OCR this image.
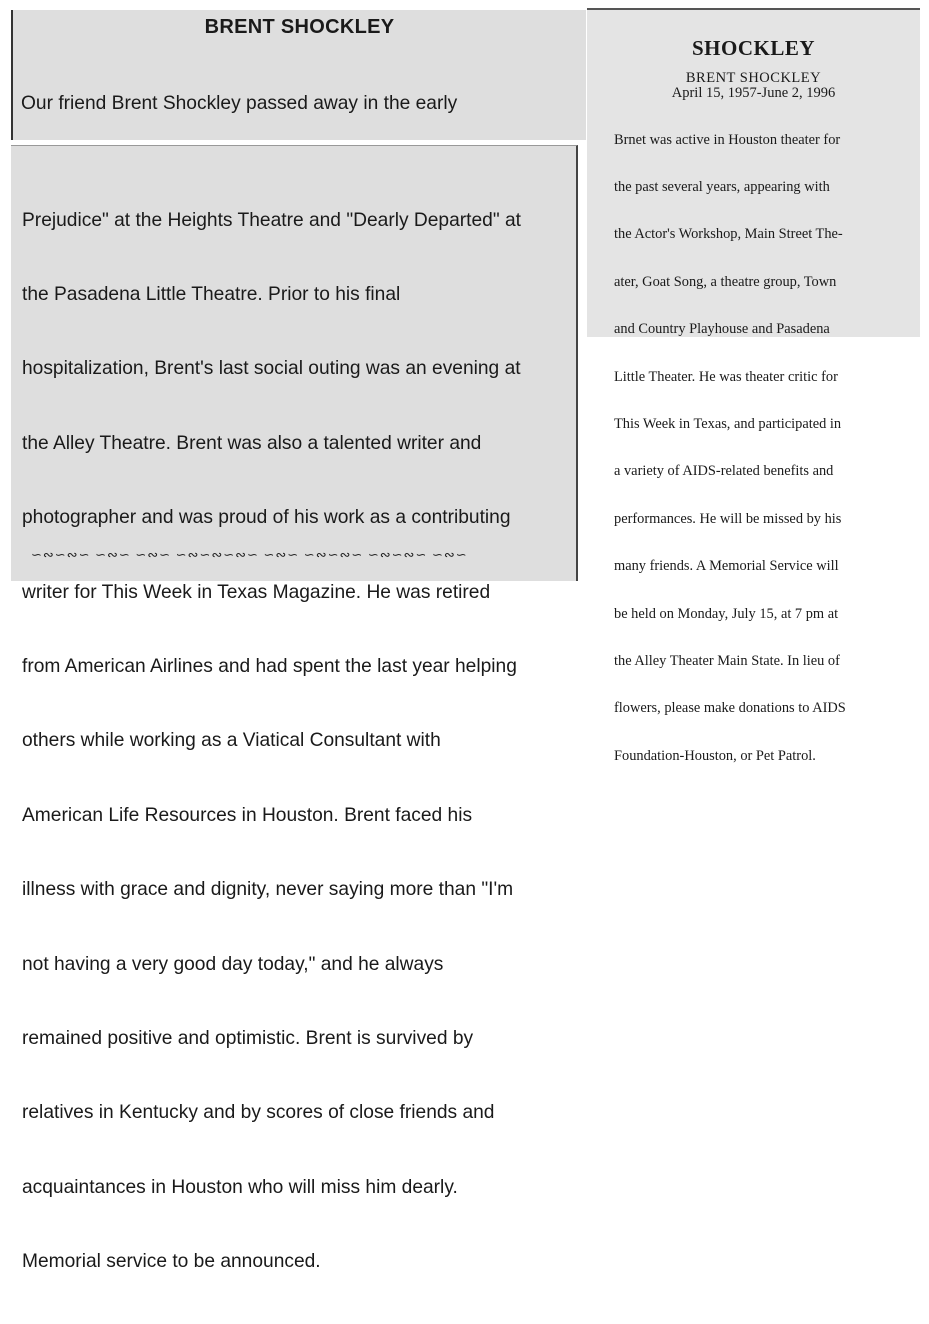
BRENT SHOCKLEY

Our friend Brent Shockley passed away in the early

Prejudice" at the Heights Theatre and "Dearly Departed" at

the Pasadena Little Theatre. Prior to his final

hospitalization, Brent's last social outing was an evening at

the Alley Theatre. Brent was also a talented writer and

photographer and was proud of his work as a contributing

writer for This Week in Texas Magazine. He was retired

from American Airlines and had spent the last year helping

others while working as a Viatical Consultant with

American Life Resources in Houston. Brent faced his

illness with grace and dignity, never saying more than "I'm

not having a very good day today," and he always

remained positive and optimistic. Brent is survived by

relatives in Kentucky and by scores of close friends and

acquaintances in Houston who will miss him dearly.

Memorial service to be announced.

∽∾∽∾∽ ∽∾∽ ∽∾∽ ∽∾∽∾∽∾∽ ∽∾∽ ∽∾∽∾∽ ∽∾∽∾∽ ∽∾∽
SHOCKLEY
BRENT SHOCKLEY
April 15, 1957-June 2, 1996

Brnet was active in Houston theater for

the past several years, appearing with

the Actor's Workshop, Main Street The-

ater, Goat Song, a theatre group, Town

and Country Playhouse and Pasadena

Little Theater. He was theater critic for

This Week in Texas, and participated in

a variety of AIDS-related benefits and

performances. He will be missed by his

many friends. A Memorial Service will

be held on Monday, July 15, at 7 pm at

the Alley Theater Main State. In lieu of

flowers, please make donations to AIDS

Foundation-Houston, or Pet Patrol.
